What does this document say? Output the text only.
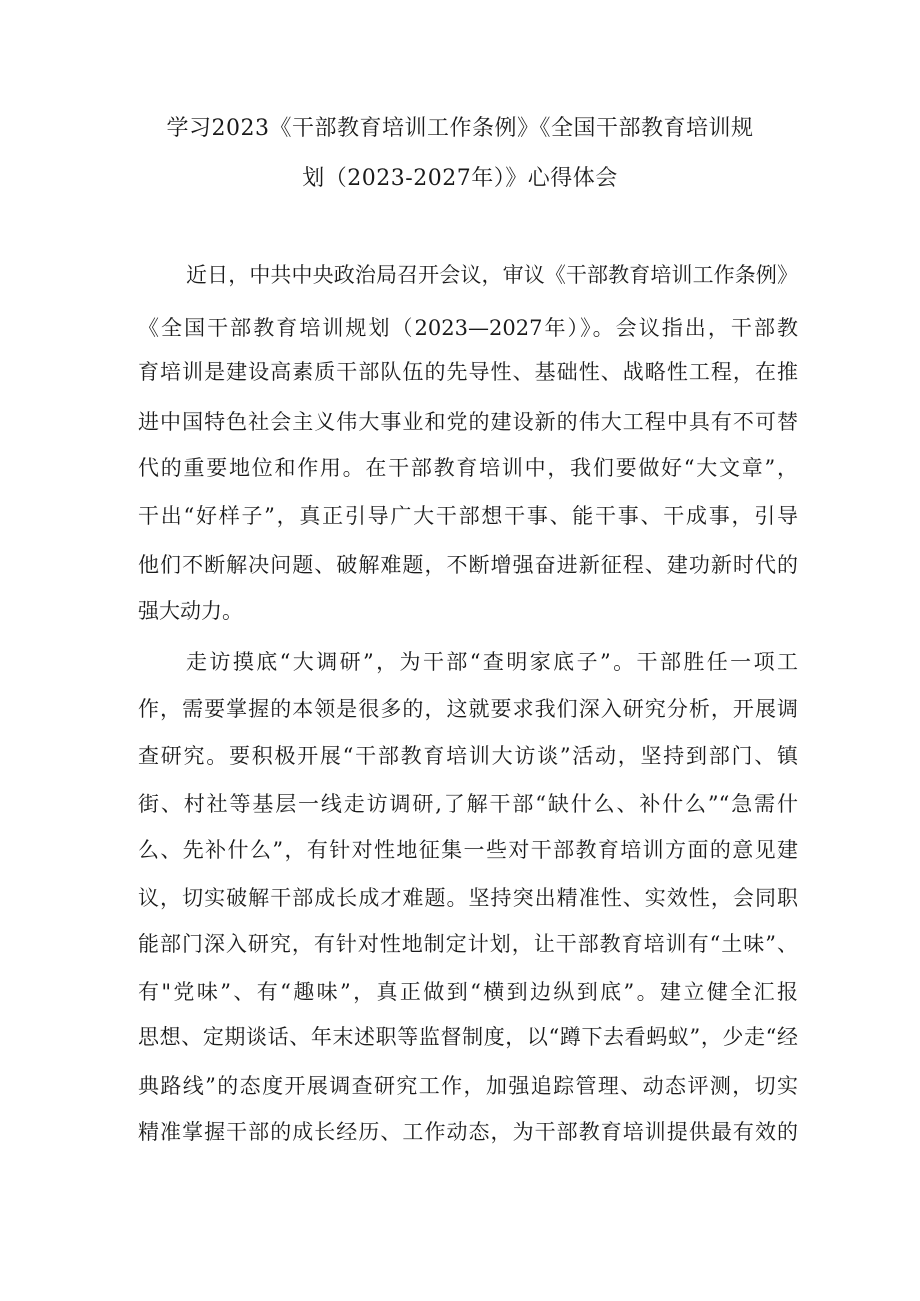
学习2023《干部教育培训工作条例》《全国干部教育培训规
划（2023-2027年）》心得体会
近日，中共中央政治局召开会议，审议《干部教育培训工作条例》
《全国干部教育培训规划（2023—2027年）》。会议指出，干部教
育培训是建设高素质干部队伍的先导性、基础性、战略性工程，在推
进中国特色社会主义伟大事业和党的建设新的伟大工程中具有不可替
代的重要地位和作用。在干部教育培训中，我们要做好“大文章”，
干出“好样子”，真正引导广大干部想干事、能干事、干成事，引导
他们不断解决问题、破解难题，不断增强奋进新征程、建功新时代的
强大动力。
走访摸底“大调研”，为干部“查明家底子”。干部胜任一项工
作，需要掌握的本领是很多的，这就要求我们深入研究分析，开展调
查研究。要积极开展“干部教育培训大访谈”活动，坚持到部门、镇
街、村社等基层一线走访调研,了解干部“缺什么、补什么”“急需什
么、先补什么”，有针对性地征集一些对干部教育培训方面的意见建
议，切实破解干部成长成才难题。坚持突出精准性、实效性，会同职
能部门深入研究，有针对性地制定计划，让干部教育培训有“土味”、
有"党味”、有“趣味”，真正做到“横到边纵到底”。建立健全汇报
思想、定期谈话、年末述职等监督制度，以“蹲下去看蚂蚁”，少走“经
典路线”的态度开展调查研究工作，加强追踪管理、动态评测，切实
精准掌握干部的成长经历、工作动态，为干部教育培训提供最有效的
